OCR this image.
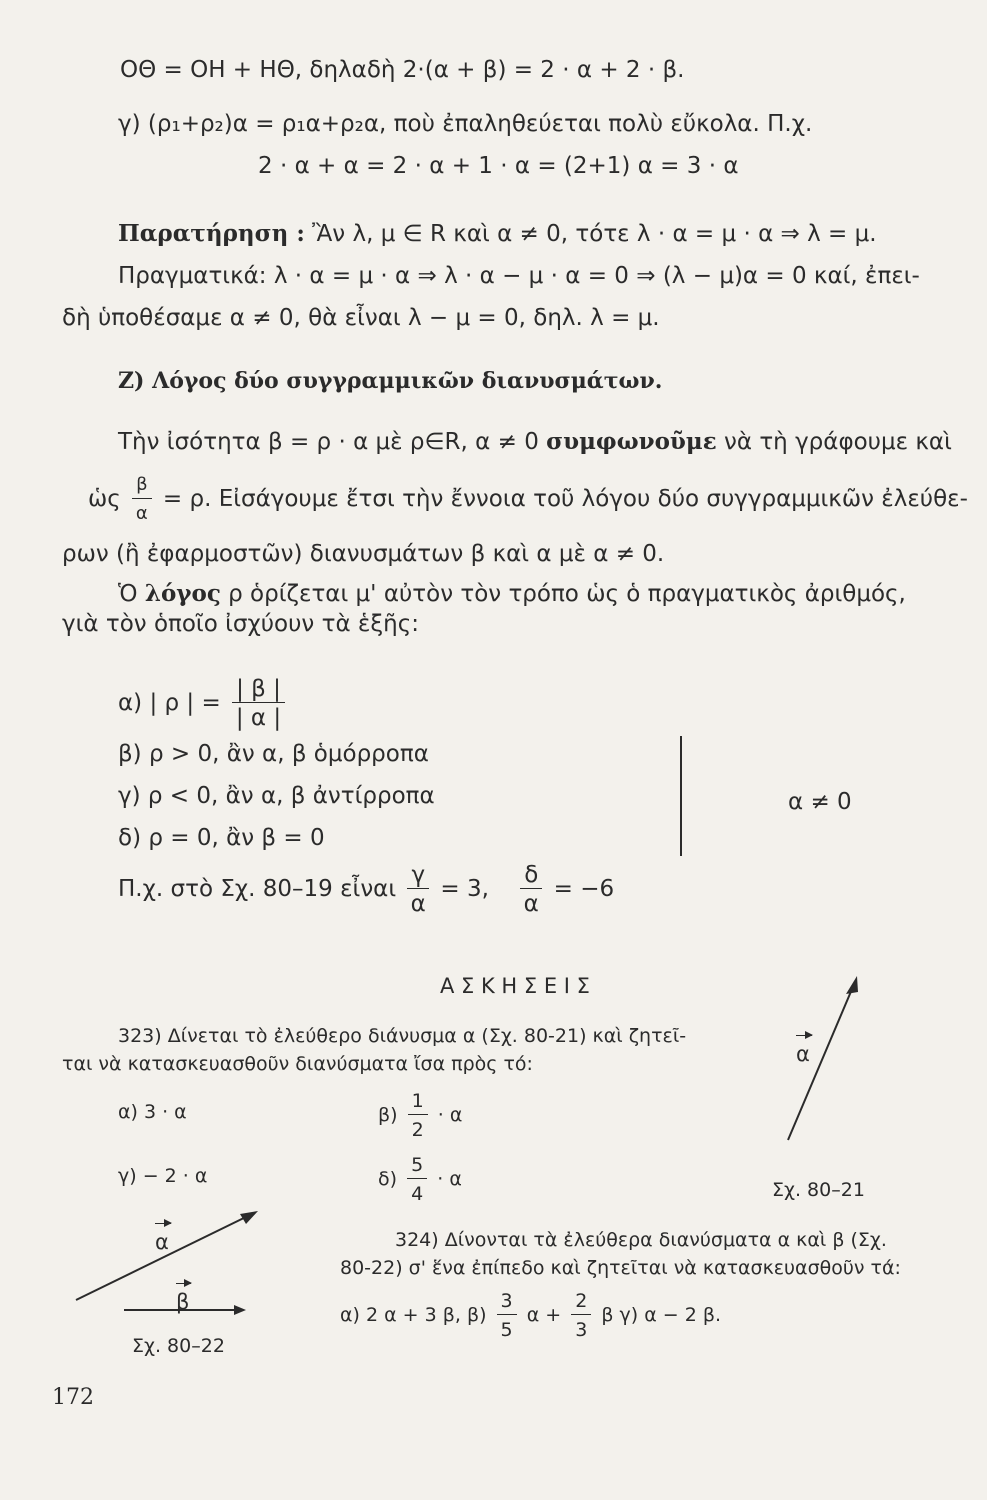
OΘ = OH + HΘ, δηλαδὴ 2·(α + β) = 2 · α + 2 · β.
γ) (ρ₁+ρ₂)α = ρ₁α+ρ₂α, ποὺ ἐπαληθεύεται πολὺ εὔκολα. Π.χ.
2 · α + α = 2 · α + 1 · α = (2+1) α = 3 · α
Παρατήρηση : Ἂν λ, μ ∈ R καὶ α ≠ 0, τότε λ · α = μ · α ⇒ λ = μ.
Πραγματικά: λ · α = μ · α ⇒ λ · α − μ · α = 0 ⇒ (λ − μ)α = 0 καί, ἐπει-
δὴ ὑποθέσαμε α ≠ 0, θὰ εἶναι λ − μ = 0, δηλ. λ = μ.
Ζ) Λόγος δύο συγγραμμικῶν διανυσμάτων.
Τὴν ἰσότητα β = ρ · α μὲ ρ∈R, α ≠ 0 συμφωνοῦμε νὰ τὴ γράφουμε καὶ
ὡς $\frac{\beta}{\alpha} = \rho$. Εἰσάγουμε ἔτσι τὴν ἔννοια τοῦ λόγου δύο συγγραμμικῶν ἐλεύθε-
ρων (ἢ ἐφαρμοστῶν) διανυσμάτων β καὶ α μὲ α ≠ 0.
Ὁ λόγος ρ ὁρίζεται μ' αὐτὸν τὸν τρόπο ὡς ὁ πραγματικὸς ἀριθμός,
γιὰ τὸν ὁποῖο ἰσχύουν τὰ ἑξῆς:
α) | ρ | = $\frac{| \beta |}{| \alpha |}$
β) ρ > 0, ἂν α, β ὁμόρροπα
γ) ρ < 0, ἂν α, β ἀντίρροπα
δ) ρ = 0, ἂν β = 0
α ≠ 0
Π.χ. στὸ Σχ. 80–19 εἶναι $\frac{\gamma}{\alpha} = 3$, $\frac{\delta}{\alpha} = -6$
Α Σ Κ Η Σ Ε Ι Σ
323) Δίνεται τὸ ἐλεύθερο διάνυσμα α (Σχ. 80-21) καὶ ζητεῖ-
ται νὰ κατασκευασθοῦν διανύσματα ἴσα πρὸς τό:
α) 3 · α	$\beta) \frac{1}{2} \cdot \alpha$
γ) − 2 · α	$\delta) \frac{5}{4} \cdot \alpha$
324) Δίνονται τὰ ἐλεύθερα διανύσματα α καὶ β (Σχ.
80-22) σ' ἕνα ἐπίπεδο καὶ ζητεῖται νὰ κατασκευασθοῦν τά:
α) 2 α + 3 β, $\beta) \frac{3}{5}$ $\alpha + \frac{2}{3}$ β γ) α − 2 β.
α
Σχ. 80–21
α
β
Σχ. 80–22
172
